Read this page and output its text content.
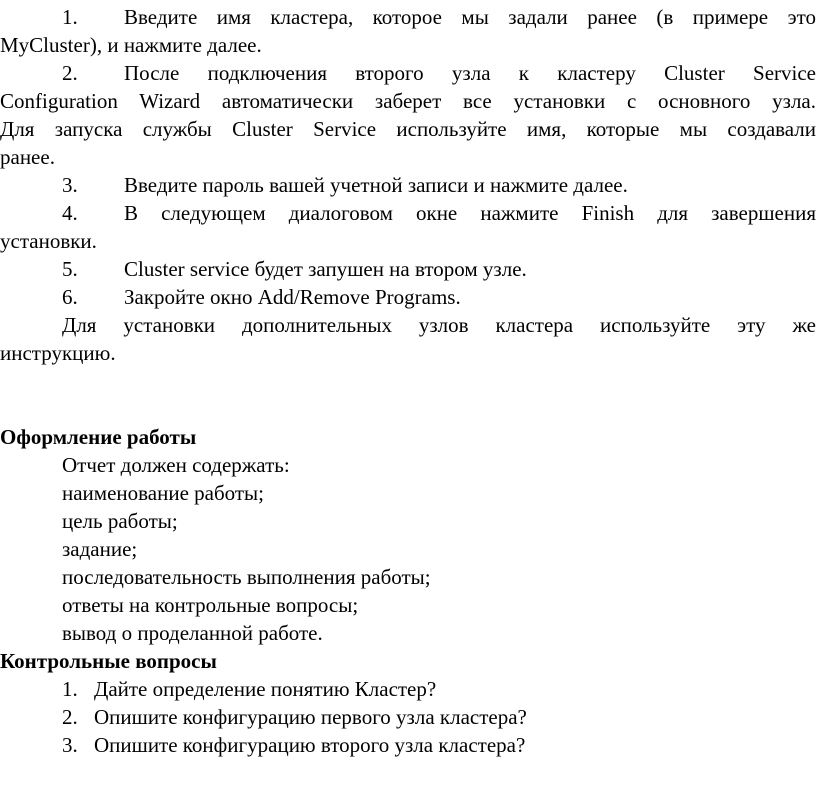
1.	Введите имя кластера, которое мы задали ранее (в примере это
MyCluster), и нажмите далее.
2.	После подключения второго узла к кластеру Cluster Service
Configuration Wizard автоматически заберет все установки с основного узла.
Для запуска службы Cluster Service используйте имя, которые мы создавали
ранее.
3. Введите пароль вашей учетной записи и нажмите далее.
4.	В следующем диалоговом окне нажмите Finish для завершения
установки.
5. Cluster service будет запушен на втором узле.
6. Закройте окно Add/Remove Programs.
Для установки дополнительных узлов кластера используйте эту же
инструкцию.
Оформление работы
Отчет должен содержать:
наименование работы;
цель работы;
задание;
последовательность выполнения работы;
ответы на контрольные вопросы;
вывод о проделанной работе.
Контрольные вопросы
1. Дайте определение понятию Кластер?
2. Опишите конфигурацию первого узла кластера?
3. Опишите конфигурацию второго узла кластера?
